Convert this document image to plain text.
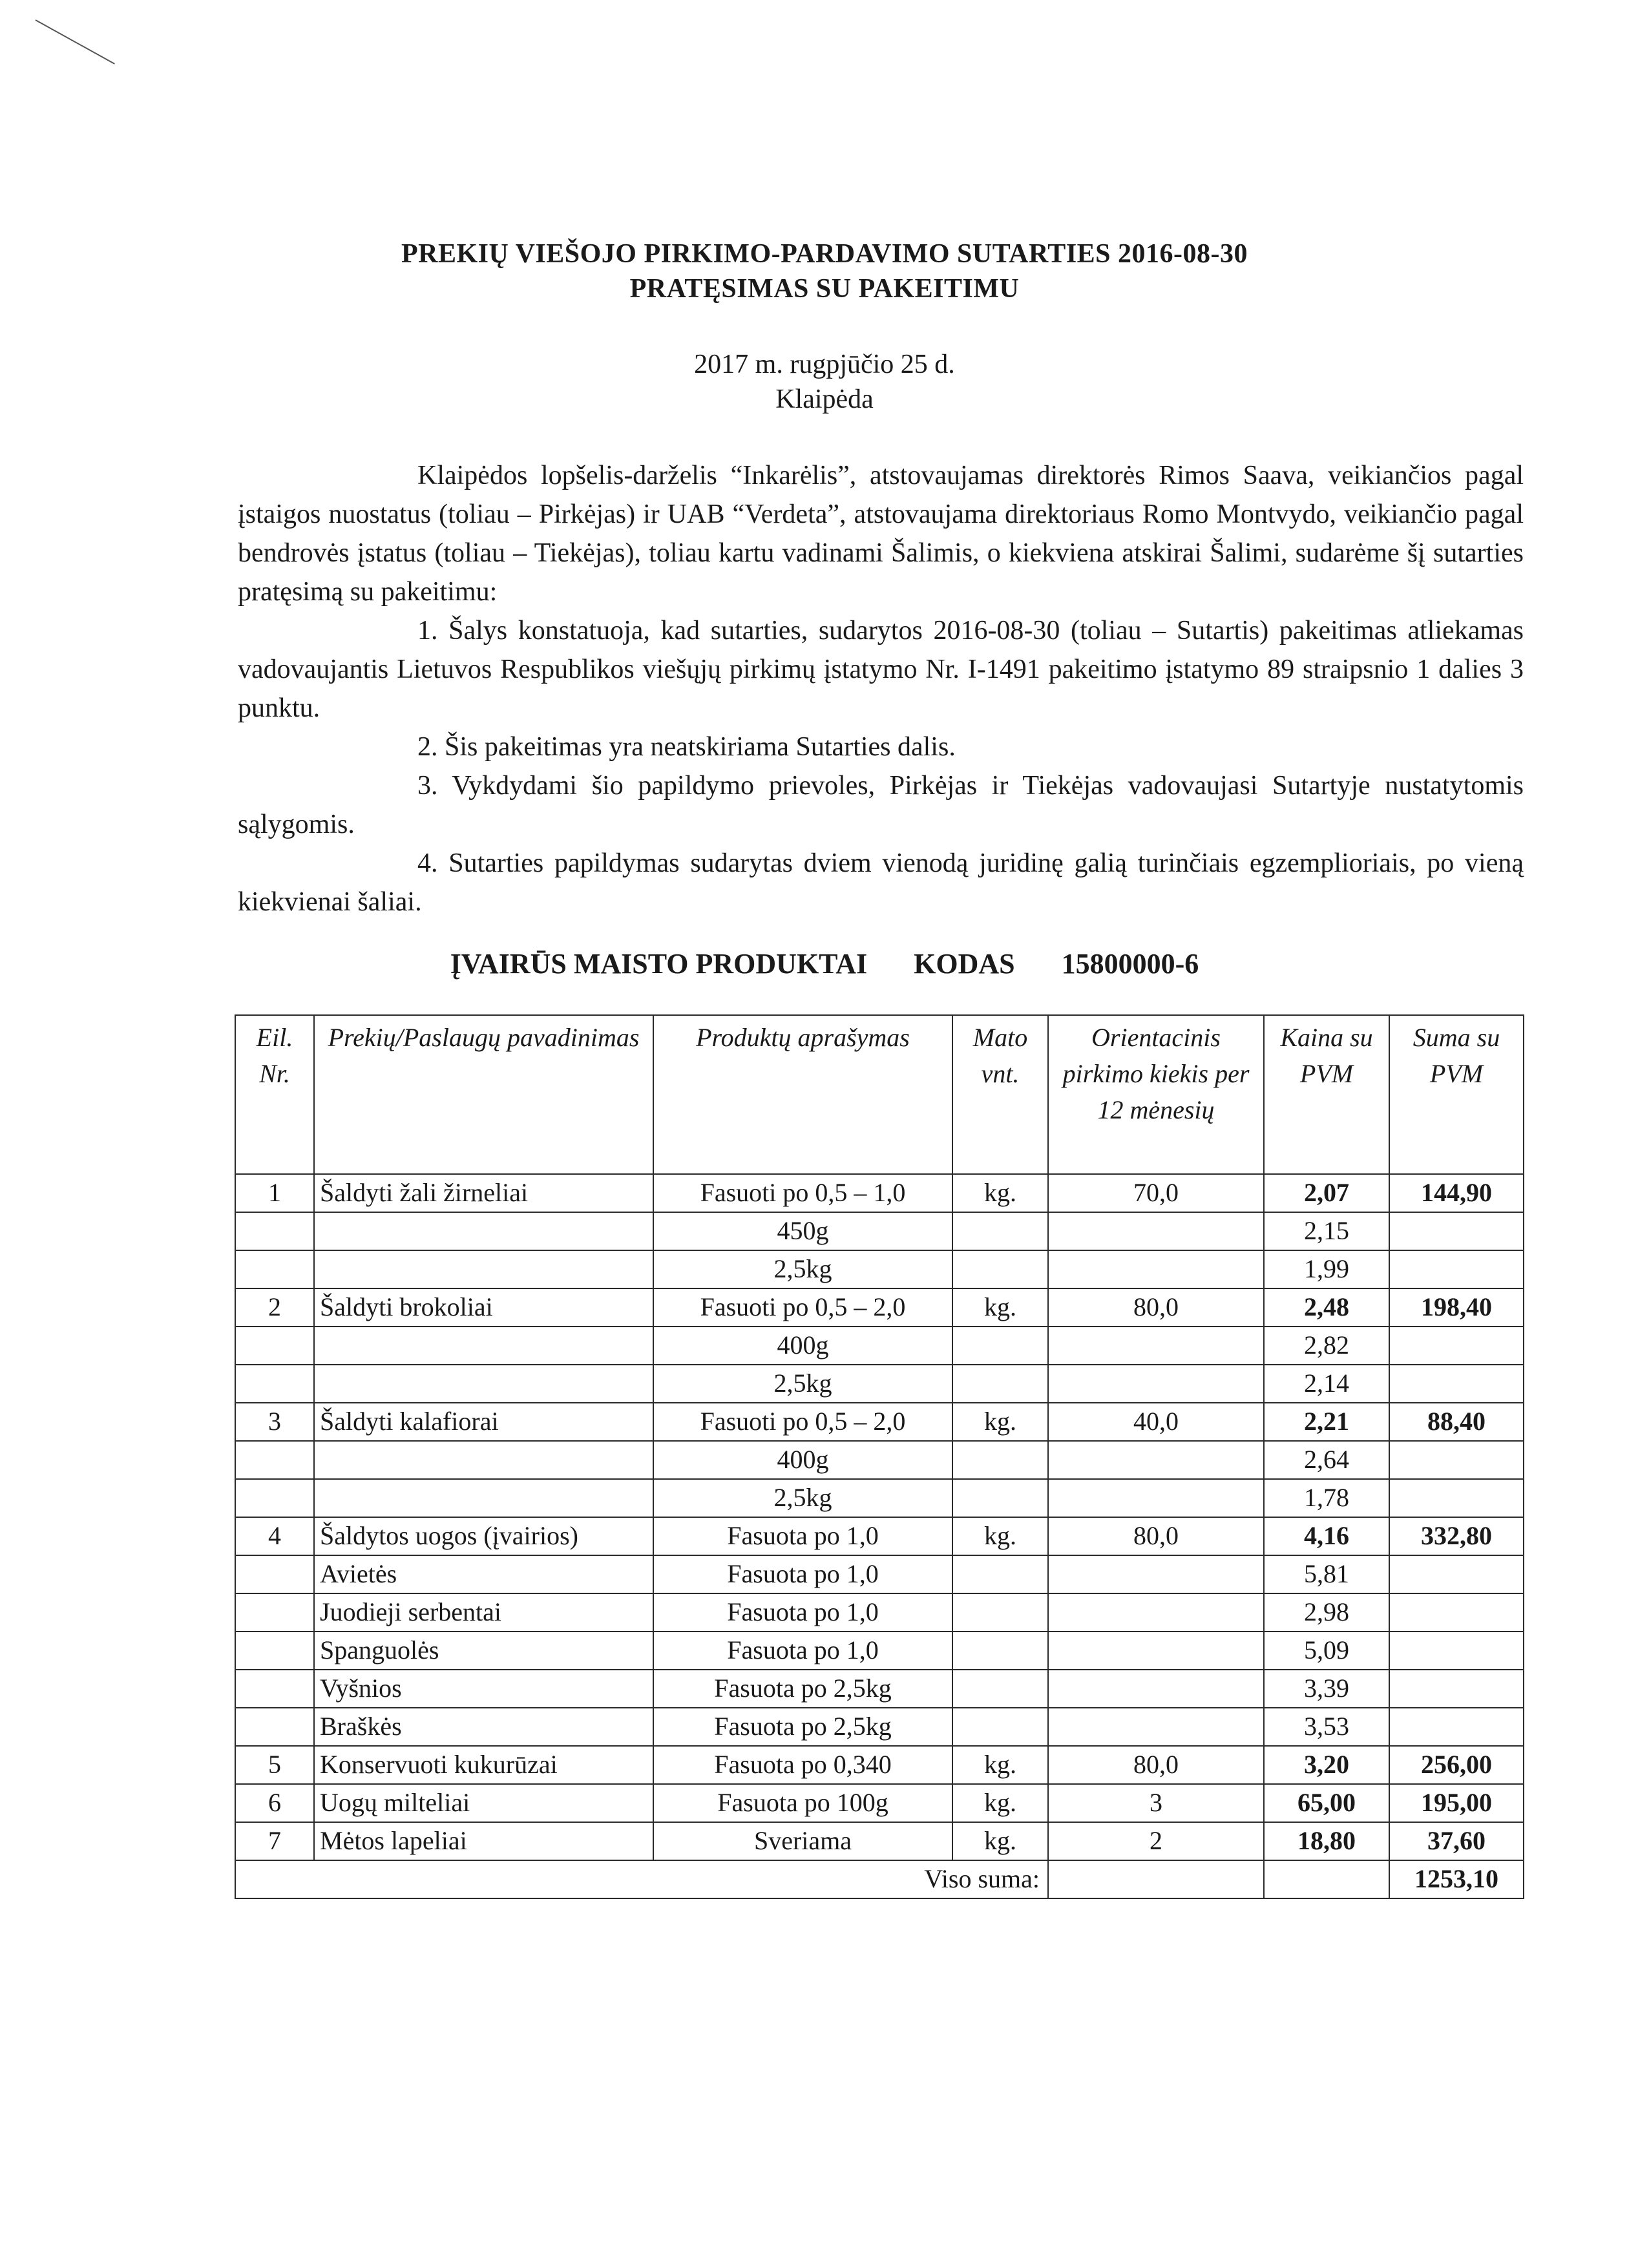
PREKIŲ VIEŠOJO PIRKIMO-PARDAVIMO SUTARTIES 2016-08-30
PRATĘSIMAS SU PAKEITIMU
2017 m. rugpjūčio 25 d.
Klaipėda

Klaipėdos lopšelis-darželis “Inkarėlis”, atstovaujamas direktorės Rimos Saava, veikiančios pagal įstaigos nuostatus (toliau – Pirkėjas) ir UAB “Verdeta”, atstovaujama direktoriaus Romo Montvydo, veikiančio pagal bendrovės įstatus (toliau – Tiekėjas), toliau kartu vadinami Šalimis, o kiekviena atskirai Šalimi, sudarėme šį sutarties pratęsimą su pakeitimu:

1. Šalys konstatuoja, kad sutarties, sudarytos 2016-08-30 (toliau – Sutartis) pakeitimas atliekamas vadovaujantis Lietuvos Respublikos viešųjų pirkimų įstatymo Nr. I-1491 pakeitimo įstatymo 89 straipsnio 1 dalies 3 punktu.

2. Šis pakeitimas yra neatskiriama Sutarties dalis.

3. Vykdydami šio papildymo prievoles, Pirkėjas ir Tiekėjas vadovaujasi Sutartyje nustatytomis sąlygomis.

4. Sutarties papildymas sudarytas dviem vienodą juridinę galią turinčiais egzemplioriais, po vieną kiekvienai šaliai.

ĮVAIRŪS MAISTO PRODUKTAI KODAS 15800000-6
Eil. Nr.	Prekių/Paslaugų pavadinimas	Produktų aprašymas	Mato vnt.	Orientacinis pirkimo kiekis per 12 mėnesių	Kaina su PVM	Suma su PVM
1	Šaldyti žali žirneliai	Fasuoti po 0,5 – 1,0	kg.	70,0	2,07	144,90
		450g			2,15	
		2,5kg			1,99	
2	Šaldyti brokoliai	Fasuoti po 0,5 – 2,0	kg.	80,0	2,48	198,40
		400g			2,82	
		2,5kg			2,14	
3	Šaldyti kalafiorai	Fasuoti po 0,5 – 2,0	kg.	40,0	2,21	88,40
		400g			2,64	
		2,5kg			1,78	
4	Šaldytos uogos (įvairios)	Fasuota po 1,0	kg.	80,0	4,16	332,80
	Avietės	Fasuota po 1,0			5,81	
	Juodieji serbentai	Fasuota po 1,0			2,98	
	Spanguolės	Fasuota po 1,0			5,09	
	Vyšnios	Fasuota po 2,5kg			3,39	
	Braškės	Fasuota po 2,5kg			3,53	
5	Konservuoti kukurūzai	Fasuota po 0,340	kg.	80,0	3,20	256,00
6	Uogų milteliai	Fasuota po 100g	kg.	3	65,00	195,00
7	Mėtos lapeliai	Sveriama	kg.	2	18,80	37,60
Viso suma:						1253,10
